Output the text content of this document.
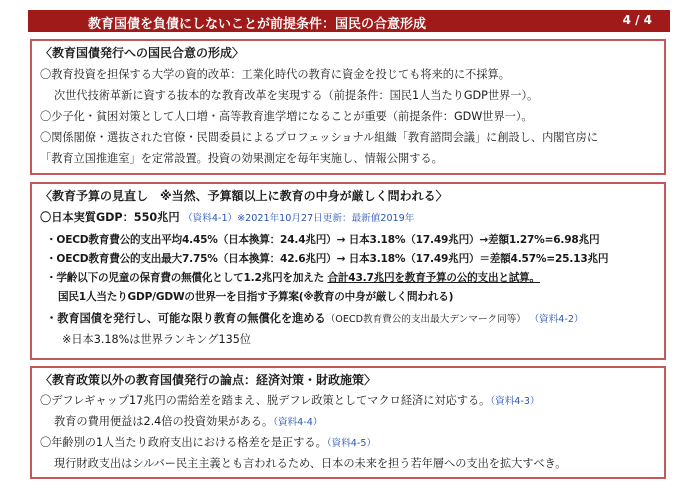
教育国債を負債にしないことが前提条件：国民の合意形成	4 / 4
〈教育国債発行への国民合意の形成〉
〇教育投資を担保する大学の資的改革：工業化時代の教育に資金を投じても将来的に不採算。
次世代技術革新に資する抜本的な教育改革を実現する（前提条件：国民1人当たりGDP世界一）。
〇少子化・貧困対策として人口増・高等教育進学増になることが重要（前提条件：GDW世界一）。
〇関係閣僚・選抜された官僚・民間委員によるプロフェッショナル組織「教育諮問会議」に創設し、内閣官房に
「教育立国推進室」を定常設置。投資の効果測定を毎年実施し、情報公開する。
〈教育予算の見直し　※当然、予算額以上に教育の中身が厳しく問われる〉
〇日本実質GDP：550兆円 （資料4-1）※2021年10月27日更新：最新値2019年
・OECD教育費公的支出平均4.45%（日本換算：24.4兆円）→ 日本3.18%（17.49兆円）→差額1.27%=6.98兆円
・OECD教育費公的支出最大7.75%（日本換算：42.6兆円）→ 日本3.18%（17.49兆円）＝差額4.57%=25.13兆円
・学齢以下の児童の保育費の無償化として1.2兆円を加えた 合計43.7兆円を教育予算の公的支出と試算。
国民1人当たりGDP/GDWの世界一を目指す予算案(※教育の中身が厳しく問われる)
・教育国債を発行し、可能な限り教育の無償化を進める（OECD教育費公的支出最大デンマーク同等） （資料4-2）
※日本3.18%は世界ランキング135位
〈教育政策以外の教育国債発行の論点：経済対策・財政施策〉
〇デフレギャップ17兆円の需給差を踏まえ、脱デフレ政策としてマクロ経済に対応する。（資料4-3）
教育の費用便益は2.4倍の投資効果がある。（資料4-4）
〇年齢別の1人当たり政府支出における格差を是正する。（資料4-5）
現行財政支出はシルバー民主主義とも言われるため、日本の未来を担う若年層への支出を拡大すべき。
